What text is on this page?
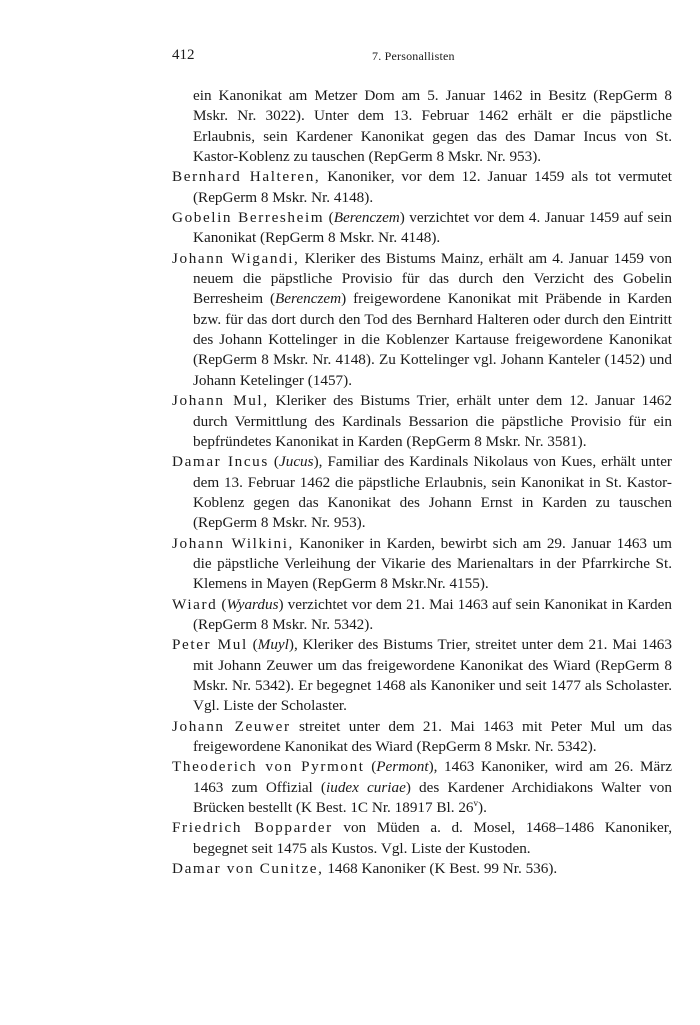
412	7. Personallisten

ein Kanonikat am Metzer Dom am 5. Januar 1462 in Besitz (RepGerm 8 Mskr. Nr. 3022). Unter dem 13. Februar 1462 erhält er die päpstliche Erlaubnis, sein Kardener Kanonikat gegen das des Damar Incus von St. Kastor-Koblenz zu tauschen (RepGerm 8 Mskr. Nr. 953).

Bernhard Halteren, Kanoniker, vor dem 12. Januar 1459 als tot vermutet (RepGerm 8 Mskr. Nr. 4148).

Gobelin Berresheim (Berenczem) verzichtet vor dem 4. Januar 1459 auf sein Kanonikat (RepGerm 8 Mskr. Nr. 4148).

Johann Wigandi, Kleriker des Bistums Mainz, erhält am 4. Januar 1459 von neuem die päpstliche Provisio für das durch den Verzicht des Gobelin Berresheim (Berenczem) freigewordene Kanonikat mit Präbende in Karden bzw. für das dort durch den Tod des Bernhard Halteren oder durch den Eintritt des Johann Kottelinger in die Koblenzer Kartause freigewordene Kanonikat (RepGerm 8 Mskr. Nr. 4148). Zu Kottelinger vgl. Johann Kanteler (1452) und Johann Ketelinger (1457).

Johann Mul, Kleriker des Bistums Trier, erhält unter dem 12. Januar 1462 durch Vermittlung des Kardinals Bessarion die päpstliche Provisio für ein bepfründetes Kanonikat in Karden (RepGerm 8 Mskr. Nr. 3581).

Damar Incus (Jucus), Familiar des Kardinals Nikolaus von Kues, erhält unter dem 13. Februar 1462 die päpstliche Erlaubnis, sein Kanonikat in St. Kastor-Koblenz gegen das Kanonikat des Johann Ernst in Karden zu tauschen (RepGerm 8 Mskr. Nr. 953).

Johann Wilkini, Kanoniker in Karden, bewirbt sich am 29. Januar 1463 um die päpstliche Verleihung der Vikarie des Marienaltars in der Pfarrkirche St. Klemens in Mayen (RepGerm 8 Mskr.Nr. 4155).

Wiard (Wyardus) verzichtet vor dem 21. Mai 1463 auf sein Kanonikat in Karden (RepGerm 8 Mskr. Nr. 5342).

Peter Mul (Muyl), Kleriker des Bistums Trier, streitet unter dem 21. Mai 1463 mit Johann Zeuwer um das freigewordene Kanonikat des Wiard (RepGerm 8 Mskr. Nr. 5342). Er begegnet 1468 als Kanoniker und seit 1477 als Scholaster. Vgl. Liste der Scholaster.

Johann Zeuwer streitet unter dem 21. Mai 1463 mit Peter Mul um das freigewordene Kanonikat des Wiard (RepGerm 8 Mskr. Nr. 5342).

Theoderich von Pyrmont (Permont), 1463 Kanoniker, wird am 26. März 1463 zum Offizial (iudex curiae) des Kardener Archidiakons Walter von Brücken bestellt (K Best. 1C Nr. 18917 Bl. 26$^v$).

Friedrich Bopparder von Müden a. d. Mosel, 1468–1486 Kanoniker, begegnet seit 1475 als Kustos. Vgl. Liste der Kustoden.

Damar von Cunitze, 1468 Kanoniker (K Best. 99 Nr. 536).
